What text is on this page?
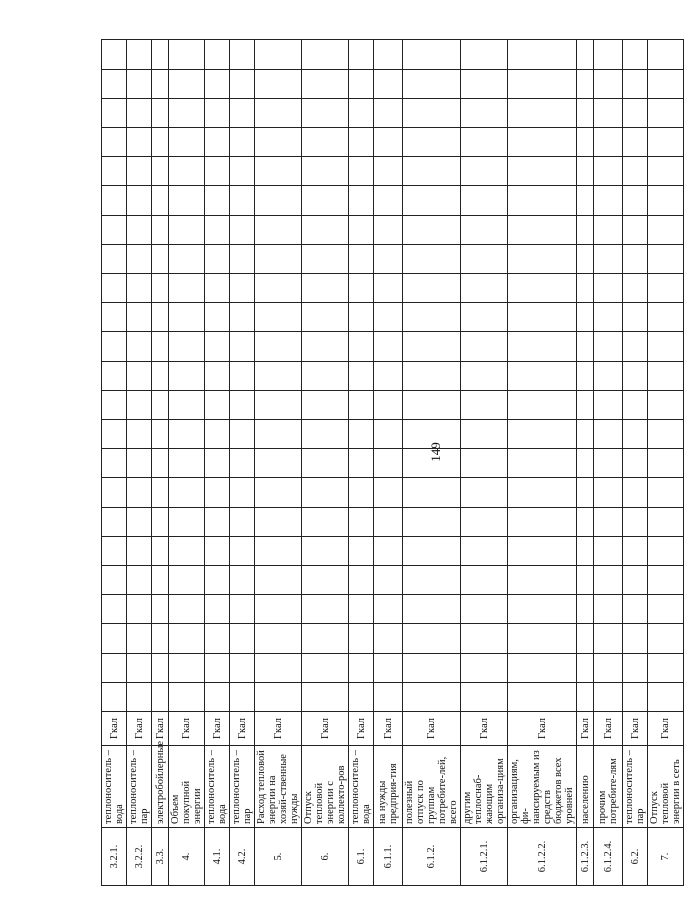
149
3.2.1.	теплоноситель – вода	Гкал																							
3.2.2.	теплоноситель – пар	Гкал																							
3.3.	электробойлерные	Гкал																							
4.	Объем покупной энергии	Гкал																							
4.1.	теплоноситель – вода	Гкал																							
4.2.	теплоноситель – пар	Гкал																							
5.	Расход тепловой энергии на хозяй-ственные нужды	Гкал																							
6.	Отпуск тепловой энергии с коллекто-ров	Гкал																							
6.1.	теплоноситель – вода	Гкал																							
6.1.1.	на нужды предприя-тия	Гкал																							
6.1.2.	полезный отпуск по группам потребите-лей, всего	Гкал																							
6.1.2.1.	другим теплоснаб-жающим организа-циям	Гкал																							
6.1.2.2.	организациям, фи-нансируемым из средств бюджетов всех уровней	Гкал																							
6.1.2.3.	населению	Гкал																							
6.1.2.4.	прочим потребите-лям	Гкал																							
6.2.	теплоноситель – пар	Гкал																							
7.	Отпуск тепловой энергии в сеть	Гкал																							
